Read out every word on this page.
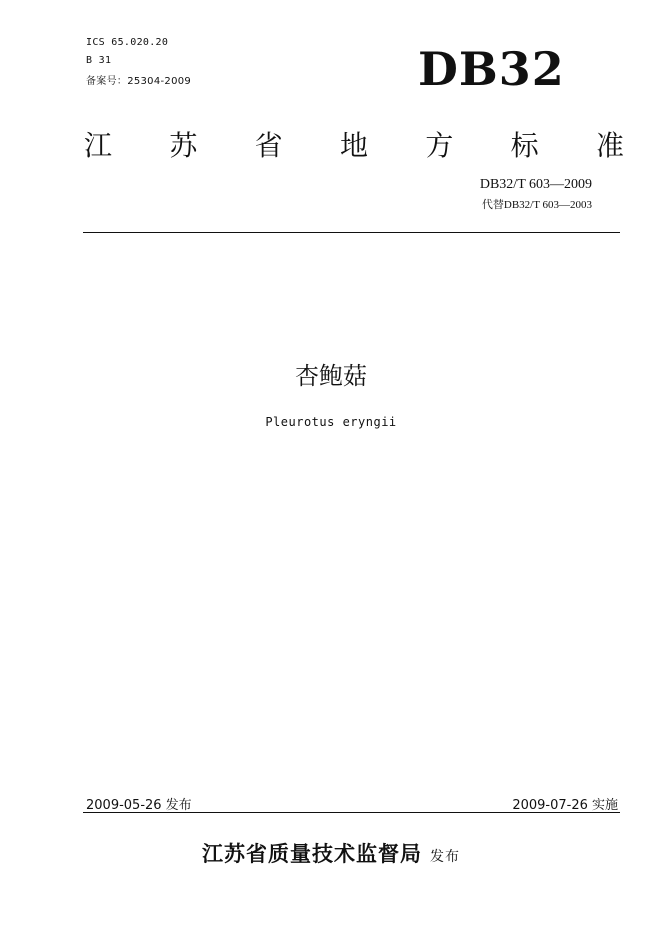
ICS 65.020.20
B 31
备案号：25304-2009	DB32
江 苏 省 地 方 标 准
DB32/T 603—2009
代替DB32/T 603—2003
杏鲍菇
Pleurotus eryngii
2009-05-26 发布	2009-07-26 实施
江苏省质量技术监督局 发布
